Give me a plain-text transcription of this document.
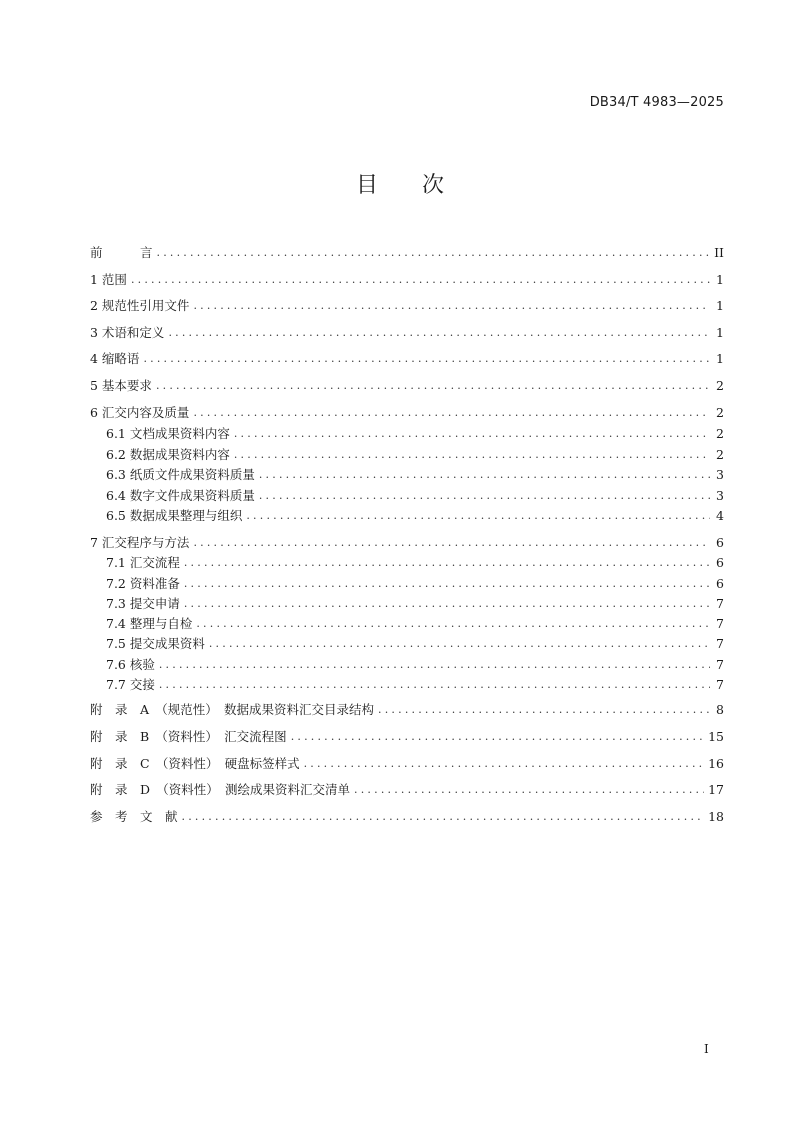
DB34/T 4983—2025
目 次
前　　　言 .....	II
1 范围 .....	1
2 规范性引用文件 .....	1
3 术语和定义 .....	1
4 缩略语 .....	1
5 基本要求 .....	2
6 汇交内容及质量 .....	2
6.1 文档成果资料内容 .....	2
6.2 数据成果资料内容 .....	2
6.3 纸质文件成果资料质量 .....	3
6.4 数字文件成果资料质量 .....	3
6.5 数据成果整理与组织 .....	4
7 汇交程序与方法 .....	6
7.1 汇交流程 .....	6
7.2 资料准备 .....	6
7.3 提交申请 .....	7
7.4 整理与自检 .....	7
7.5 提交成果资料 .....	7
7.6 核验 .....	7
7.7 交接 .....	7
附　录　A　（规范性）　数据成果资料汇交目录结构 .....	8
附　录　B　（资料性）　汇交流程图 .....	15
附　录　C　（资料性）　硬盘标签样式 .....	16
附　录　D　（资料性）　测绘成果资料汇交清单 .....	17
参　考　文　献 .....	18
I
